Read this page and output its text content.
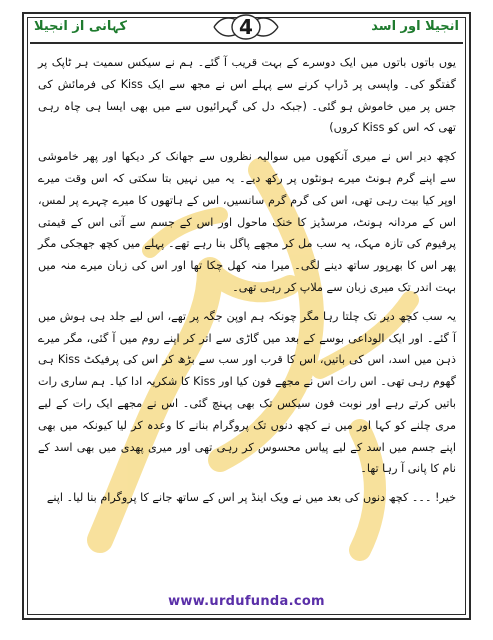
انجیلا اور اسد
کہانی از انجیلا	4

یوں باتوں باتوں میں ایک دوسرے کے بہت قریب آ گئے۔ ہم نے سیکس سمیت ہر ٹاپک پر گفتگو کی۔ واپسی پر ڈراپ کرنے سے پہلے اس نے مجھ سے ایک Kiss کی فرمائش کی جس پر میں خاموش ہو گئی۔ (جبکہ دل کی گہرائیوں سے میں بھی ایسا ہی چاہ رہی تھی کہ اس کو Kiss کروں)

کچھ دیر اس نے میری آنکھوں میں سوالیہ نظروں سے جھانک کر دیکھا اور پھر خاموشی سے اپنے گرم ہونٹ میرے ہونٹوں پر رکھ دیے۔ یہ میں نہیں بتا سکتی کہ اس وقت میرے اوپر کیا بیت رہی تھی، اس کی گرم گرم سانسیں، اس کے ہاتھوں کا میرے چہرے پر لمس، اس کے مردانہ ہونٹ، مرسڈیز کا خنک ماحول اور اس کے جسم سے آتی اس کے قیمتی پرفیوم کی تازہ مہک، یہ سب مل کر مجھے پاگل بنا رہے تھے۔ پہلے میں کچھ جھجکی مگر پھر اس کا بھرپور ساتھ دینے لگی۔ میرا منہ کھل چکا تھا اور اس کی زبان میرے منہ میں بہت اندر تک میری زبان سے ملاپ کر رہی تھی۔

یہ سب کچھ دیر تک چلتا رہا مگر چونکہ ہم اوپن جگہ پر تھے، اس لیے جلد ہی ہوش میں آ گئے۔ اور ایک الوداعی بوسے کے بعد میں گاڑی سے اتر کر اپنے روم میں آ گئی، مگر میرے ذہن میں اسد، اس کی باتیں، اس کا قرب اور سب سے بڑھ کر اس کی پرفیکٹ Kiss ہی گھوم رہی تھی۔ اس رات اس نے مجھے فون کیا اور Kiss کا شکریہ ادا کیا۔ ہم ساری رات باتیں کرتے رہے اور نوبت فون سیکس تک بھی پہنچ گئی۔ اس نے مجھے ایک رات کے لیے مری چلنے کو کہا اور میں نے کچھ دنوں تک پروگرام بنانے کا وعدہ کر لیا کیونکہ میں بھی اپنے جسم میں اسد کے لیے پیاس محسوس کر رہی تھی اور میری پھدی میں بھی اسد کے نام کا پانی آ رہا تھا۔

خیر! ۔۔۔ کچھ دنوں کی بعد میں نے ویک اینڈ پر اس کے ساتھ جانے کا پروگرام بنا لیا۔ اپنے

www.urdufunda.com
